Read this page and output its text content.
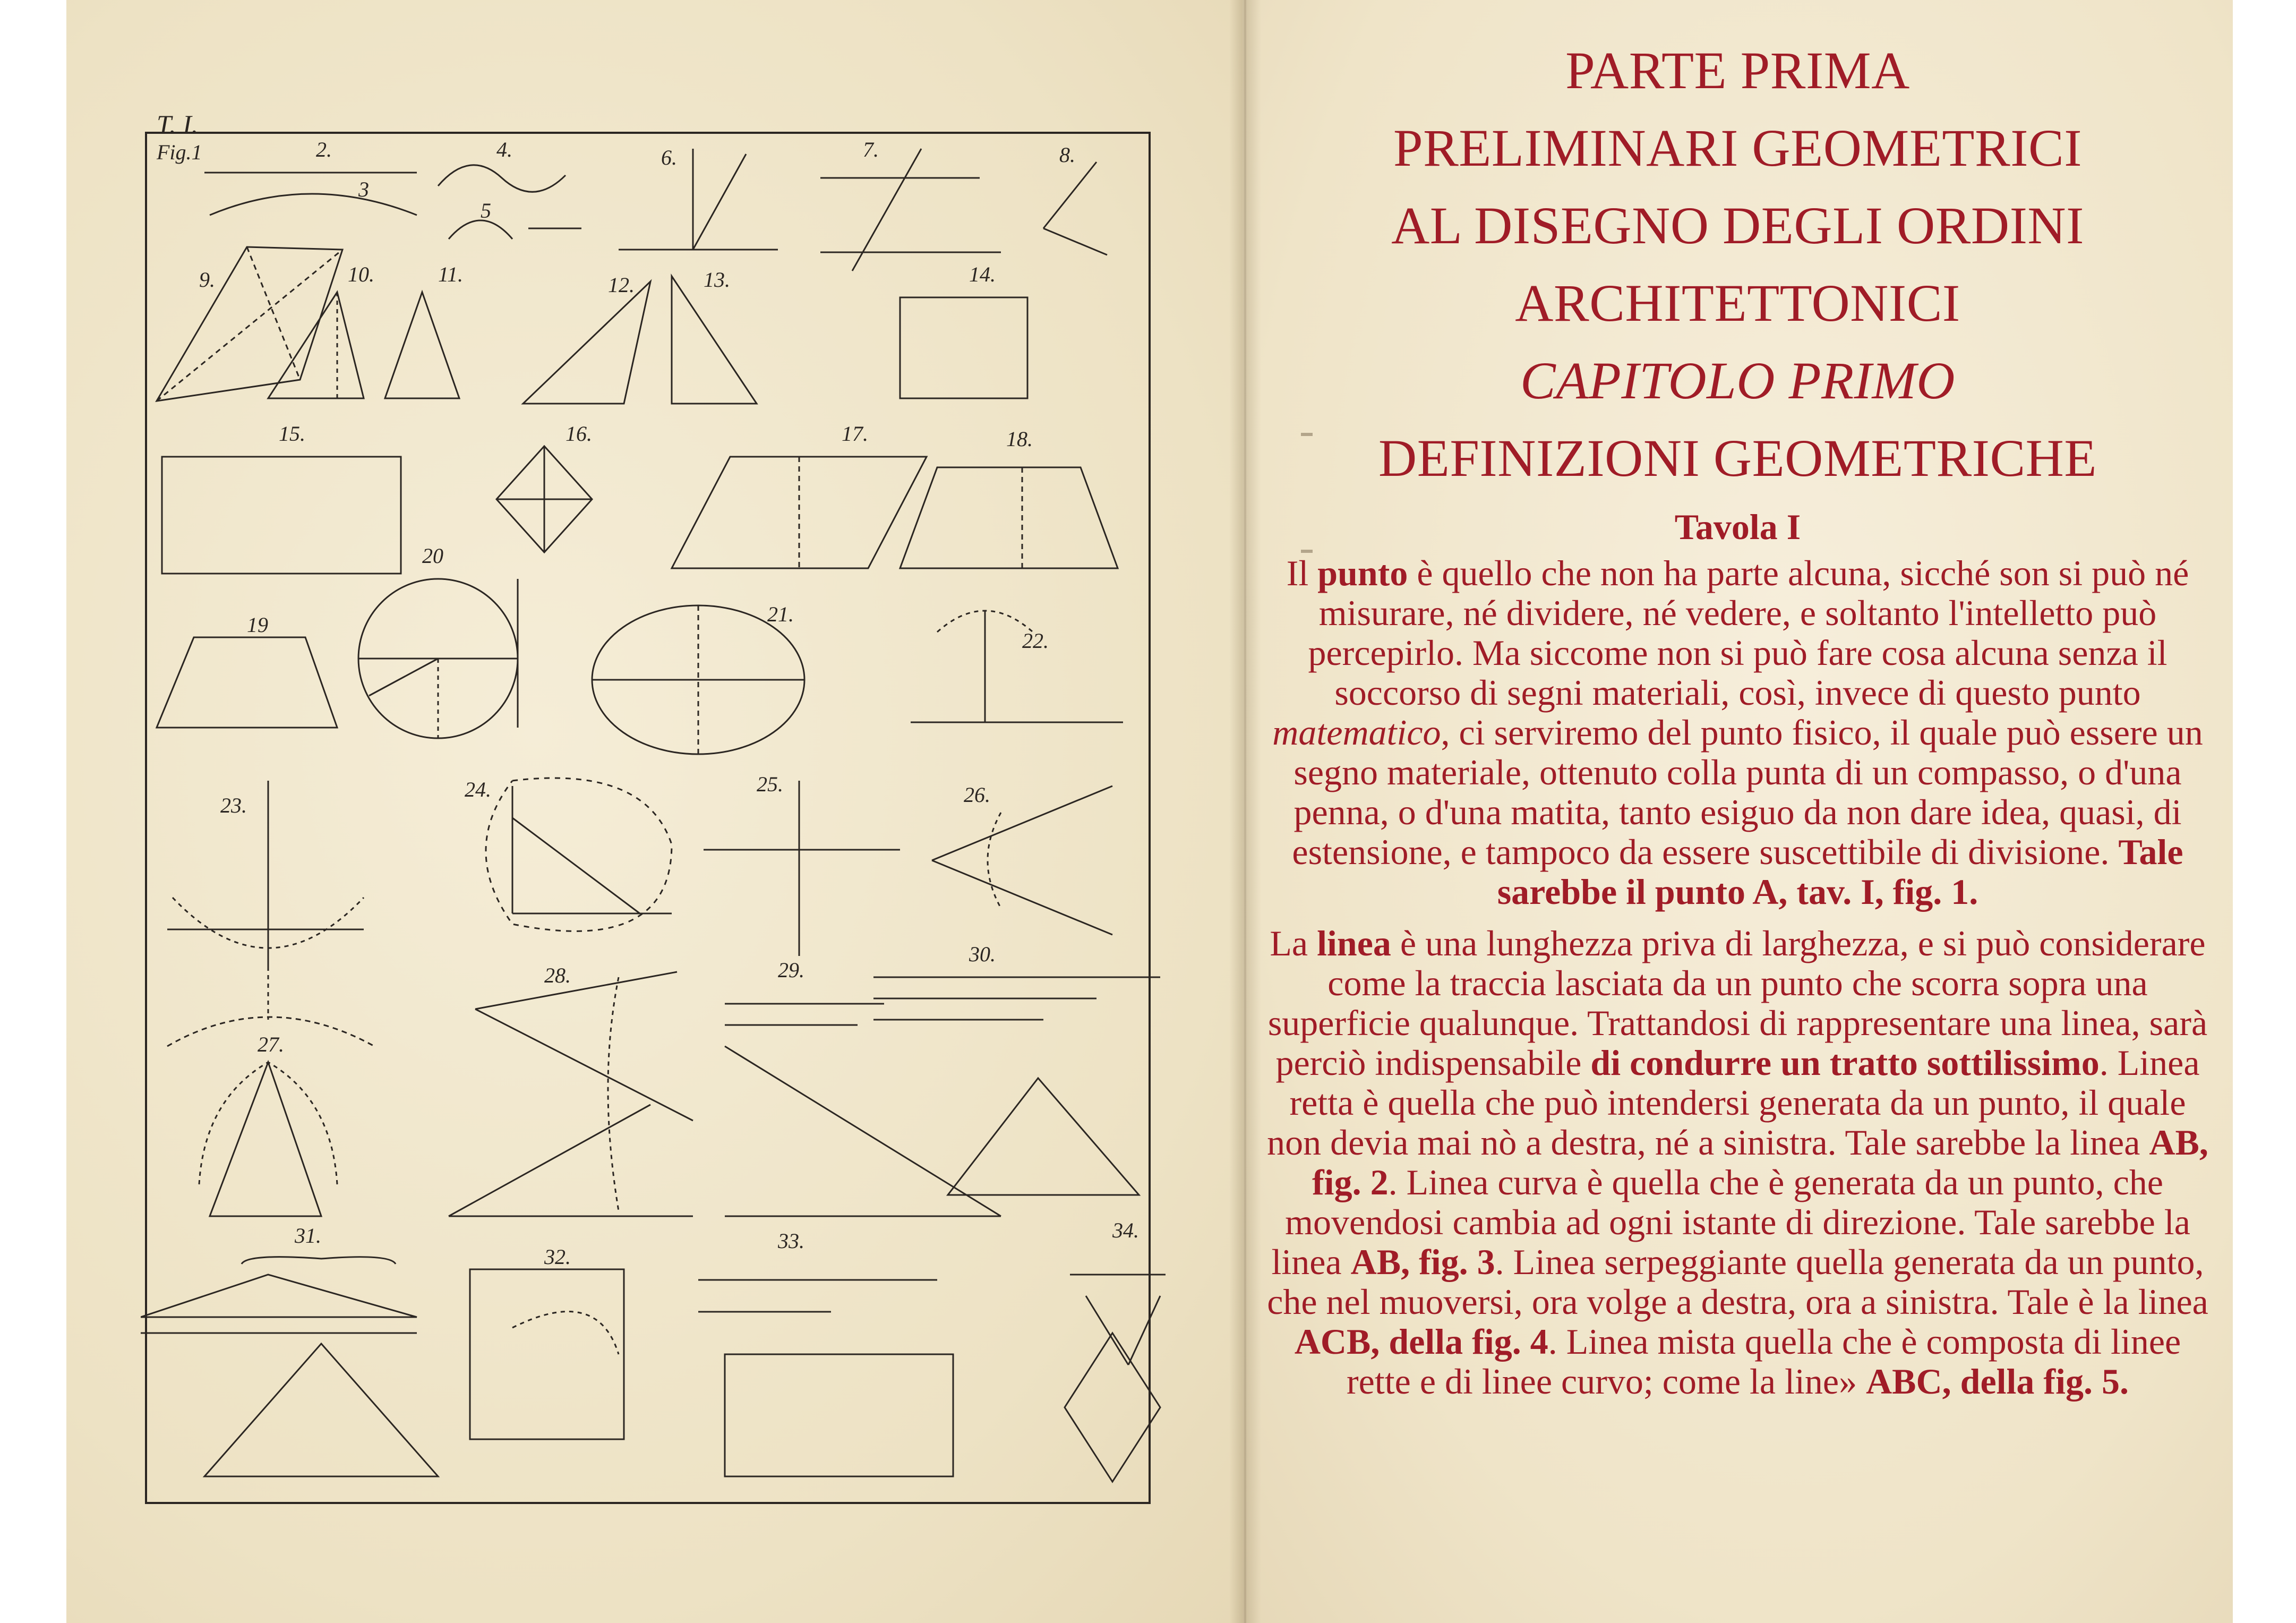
T. I.
Fig.1	2.
3
4.
5
6.	7.	8.
9.	10.	11.	12.	13.	14.
15.	16.	17.	18.
19
20
21.
22.
23.
24.	25.	26.
27.
28.	29.
30.
31.
32.
33.	34.
PARTE PRIMA
PRELIMINARI GEOMETRICI
AL DISEGNO DEGLI ORDINI
ARCHITETTONICI
CAPITOLO PRIMO
DEFINIZIONI GEOMETRICHE
Tavola I

Il punto è quello che non ha parte alcuna, sicché son si può né misurare, né dividere, né vedere, e soltanto l'intelletto può percepirlo. Ma siccome non si può fare cosa alcuna senza il soccorso di segni materiali, così, invece di questo punto matematico, ci serviremo del punto fisico, il quale può essere un segno materiale, ottenuto colla punta di un compasso, o d'una penna, o d'una matita, tanto esiguo da non dare idea, quasi, di estensione, e tampoco da essere suscettibile di divisione. Tale sarebbe il punto A, tav. I, fig. 1.

La linea è una lunghezza priva di larghezza, e si può considerare come la traccia lasciata da un punto che scorra sopra una superficie qualunque. Trattandosi di rappresentare una linea, sarà perciò indispensabile di condurre un tratto sottilissimo. Linea retta è quella che può intendersi generata da un punto, il quale non devia mai nò a destra, né a sinistra. Tale sarebbe la linea AB, fig. 2. Linea curva è quella che è generata da un punto, che movendosi cambia ad ogni istante di direzione. Tale sarebbe la linea AB, fig. 3. Linea serpeggiante quella generata da un punto, che nel muoversi, ora volge a destra, ora a sinistra. Tale è la linea ACB, della fig. 4. Linea mista quella che è composta di linee rette e di linee curvo; come la line» ABC, della fig. 5.
